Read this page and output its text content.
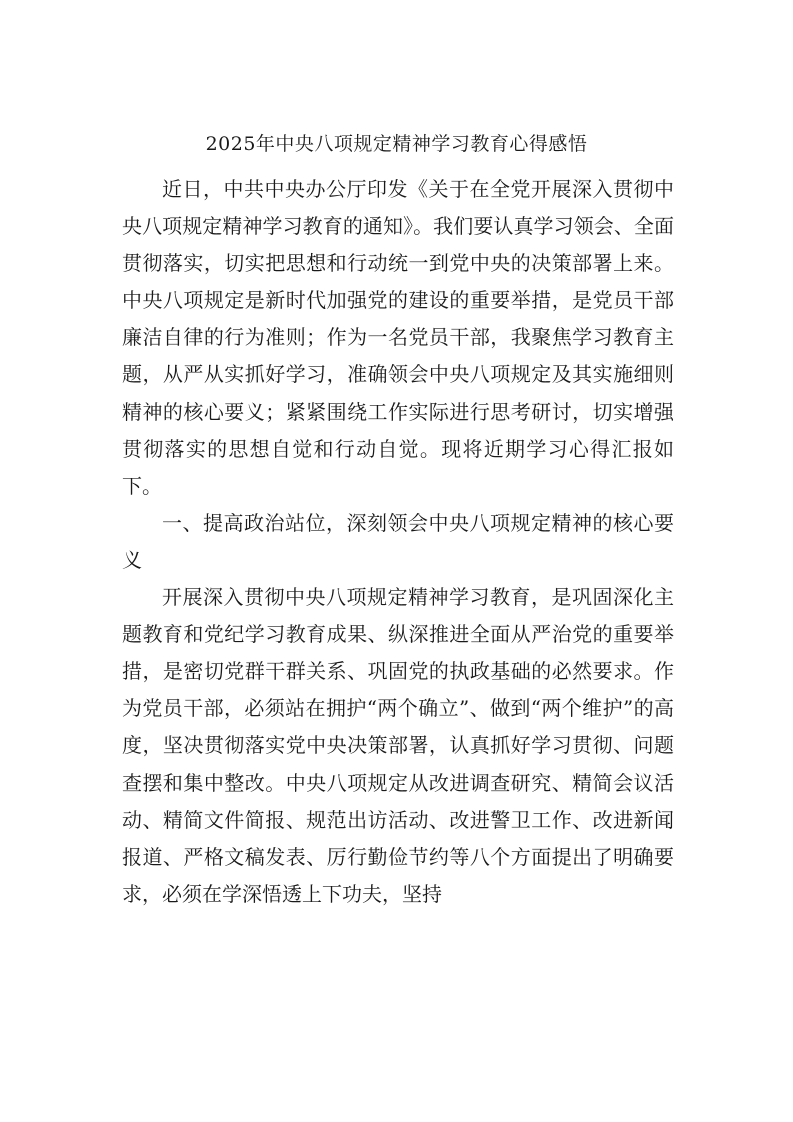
2025年中央八项规定精神学习教育心得感悟

近日，中共中央办公厅印发《关于在全党开展深入贯彻中央八项规定精神学习教育的通知》。我们要认真学习领会、全面贯彻落实，切实把思想和行动统一到党中央的决策部署上来。中央八项规定是新时代加强党的建设的重要举措，是党员干部廉洁自律的行为准则；作为一名党员干部，我聚焦学习教育主题，从严从实抓好学习，准确领会中央八项规定及其实施细则精神的核心要义；紧紧围绕工作实际进行思考研讨，切实增强贯彻落实的思想自觉和行动自觉。现将近期学习心得汇报如下。

一、提高政治站位，深刻领会中央八项规定精神的核心要义

开展深入贯彻中央八项规定精神学习教育，是巩固深化主题教育和党纪学习教育成果、纵深推进全面从严治党的重要举措，是密切党群干群关系、巩固党的执政基础的必然要求。作为党员干部，必须站在拥护“两个确立”、做到“两个维护”的高度，坚决贯彻落实党中央决策部署，认真抓好学习贯彻、问题查摆和集中整改。中央八项规定从改进调查研究、精简会议活动、精简文件简报、规范出访活动、改进警卫工作、改进新闻报道、严格文稿发表、厉行勤俭节约等八个方面提出了明确要求，必须在学深悟透上下功夫，坚持
